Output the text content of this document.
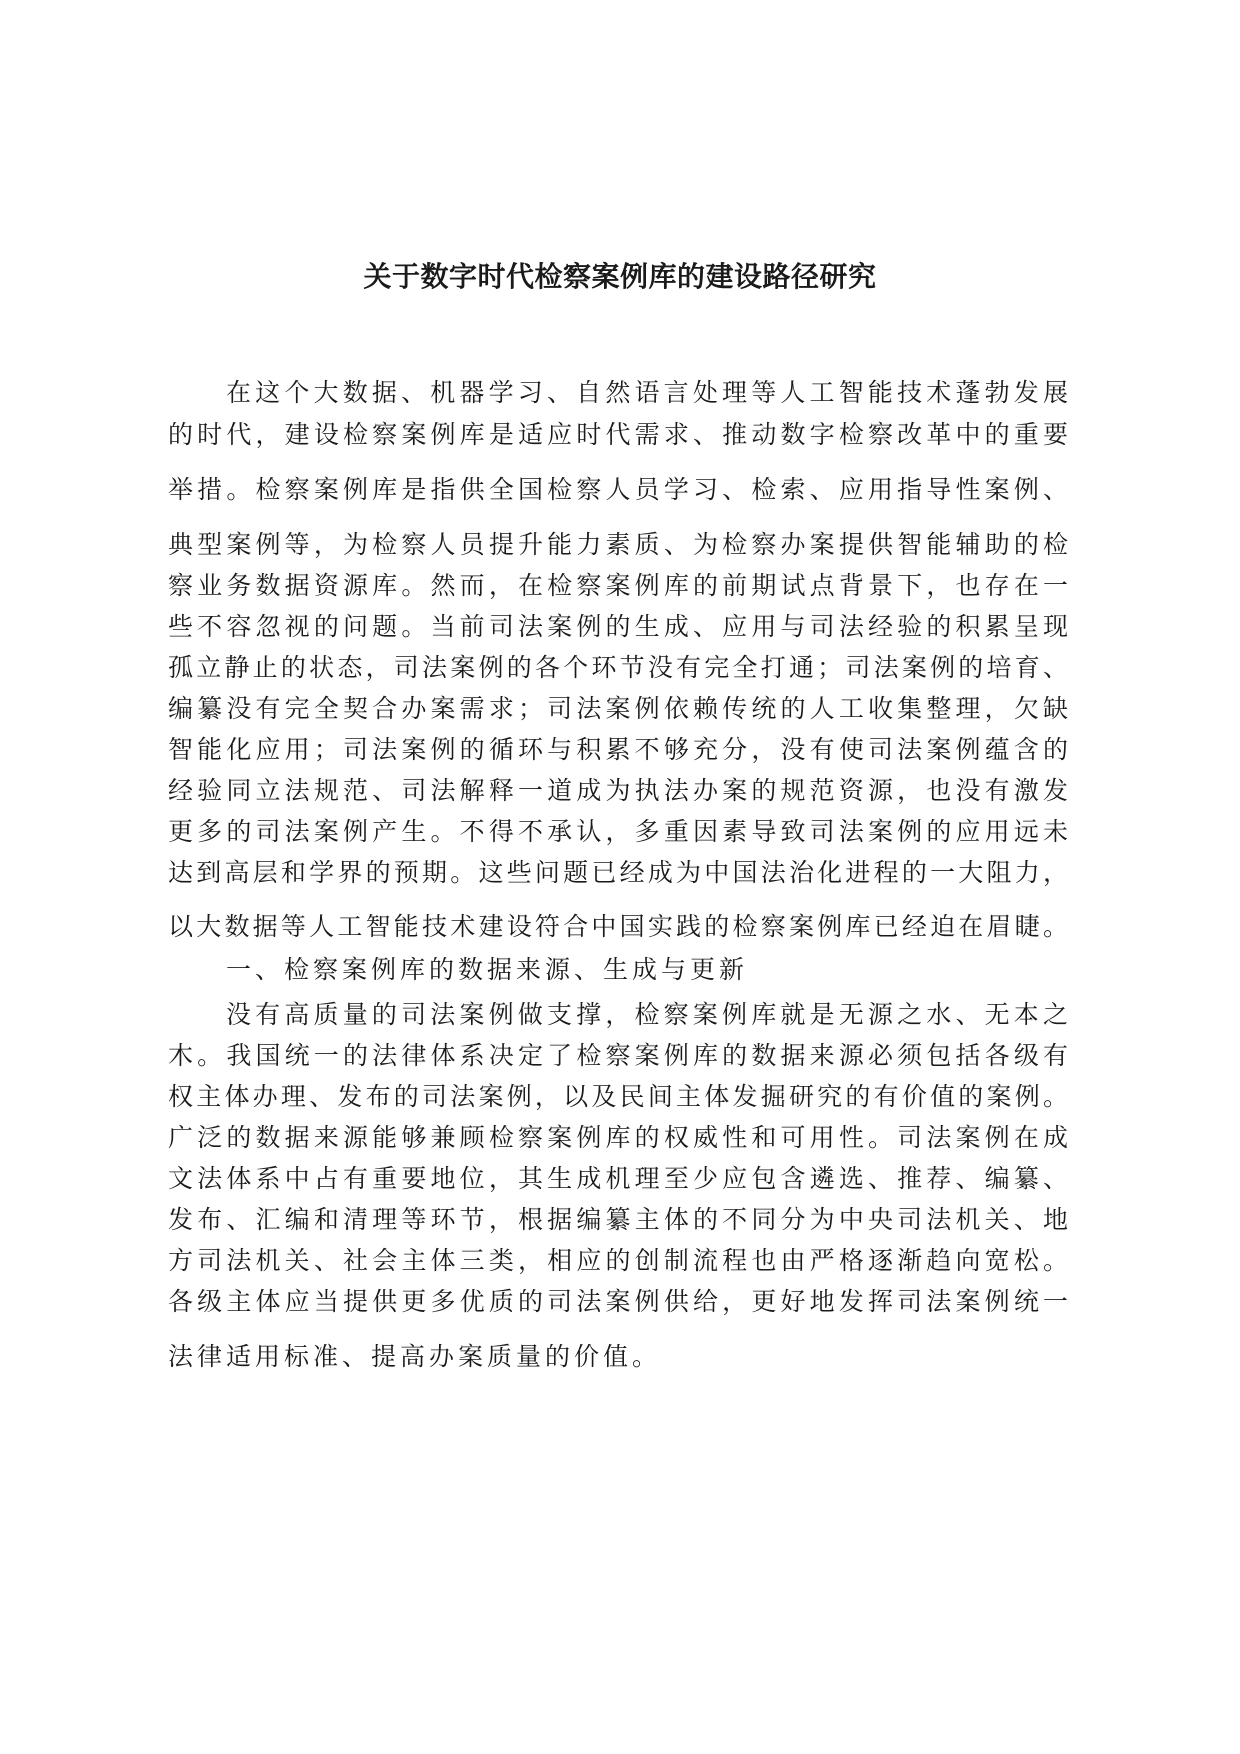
关于数字时代检察案例库的建设路径研究
在这个大数据、机器学习、自然语言处理等人工智能技术蓬勃发展
的时代，建设检察案例库是适应时代需求、推动数字检察改革中的重要
举措。检察案例库是指供全国检察人员学习、检索、应用指导性案例、
典型案例等，为检察人员提升能力素质、为检察办案提供智能辅助的检
察业务数据资源库。然而，在检察案例库的前期试点背景下，也存在一
些不容忽视的问题。当前司法案例的生成、应用与司法经验的积累呈现
孤立静止的状态，司法案例的各个环节没有完全打通；司法案例的培育、
编纂没有完全契合办案需求；司法案例依赖传统的人工收集整理，欠缺
智能化应用；司法案例的循环与积累不够充分，没有使司法案例蕴含的
经验同立法规范、司法解释一道成为执法办案的规范资源，也没有激发
更多的司法案例产生。不得不承认，多重因素导致司法案例的应用远未
达到高层和学界的预期。这些问题已经成为中国法治化进程的一大阻力，
以大数据等人工智能技术建设符合中国实践的检察案例库已经迫在眉睫。
一、检察案例库的数据来源、生成与更新
没有高质量的司法案例做支撑，检察案例库就是无源之水、无本之
木。我国统一的法律体系决定了检察案例库的数据来源必须包括各级有
权主体办理、发布的司法案例，以及民间主体发掘研究的有价值的案例。
广泛的数据来源能够兼顾检察案例库的权威性和可用性。司法案例在成
文法体系中占有重要地位，其生成机理至少应包含遴选、推荐、编纂、
发布、汇编和清理等环节，根据编纂主体的不同分为中央司法机关、地
方司法机关、社会主体三类，相应的创制流程也由严格逐渐趋向宽松。
各级主体应当提供更多优质的司法案例供给，更好地发挥司法案例统一
法律适用标准、提高办案质量的价值。
